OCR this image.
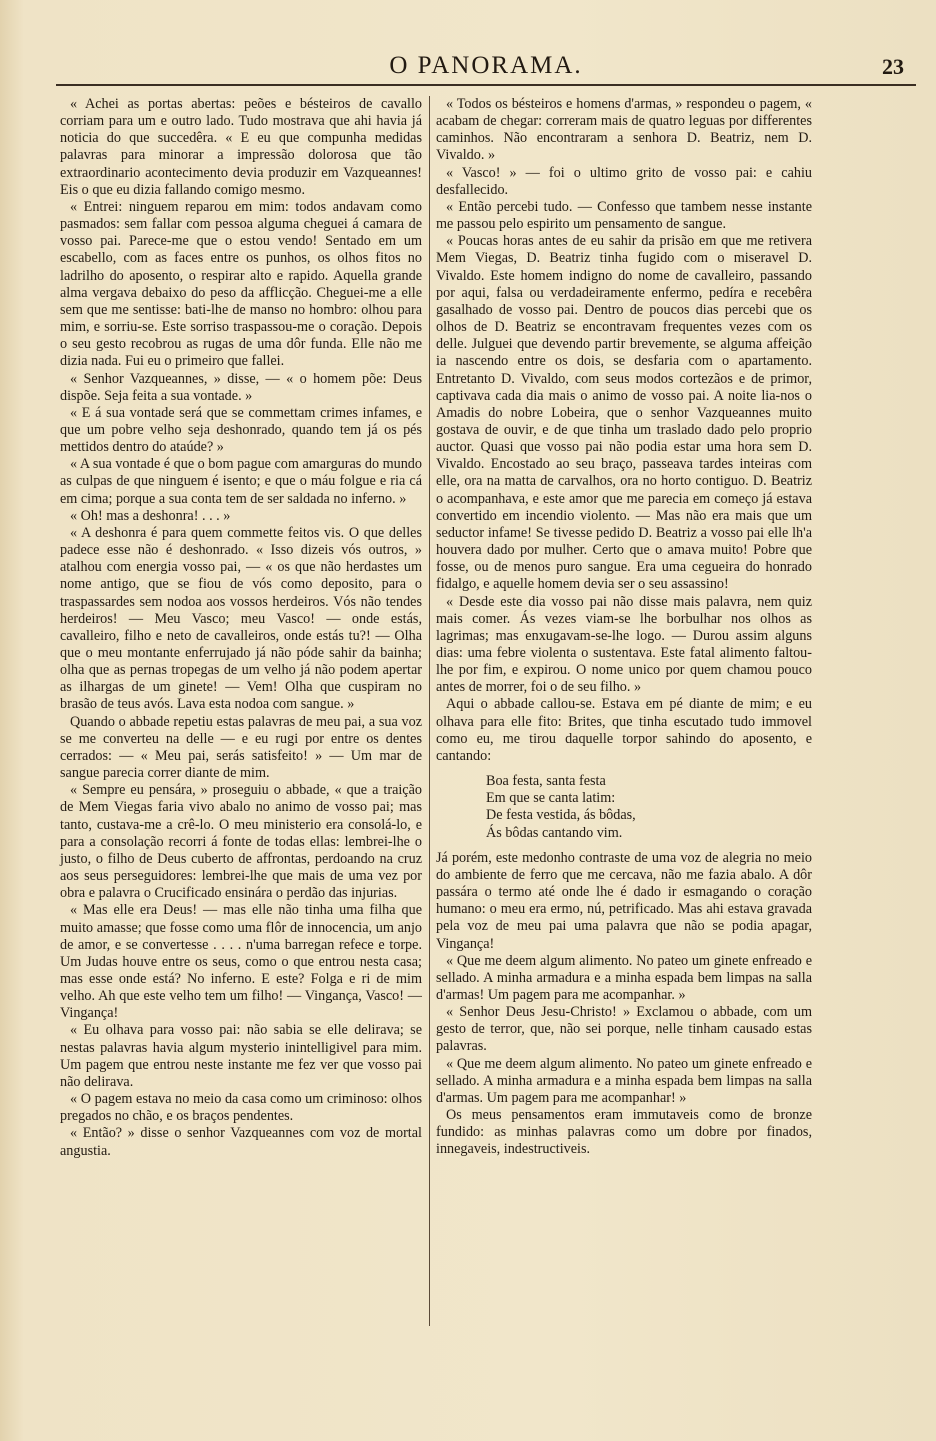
O PANORAMA.	23

« Achei as portas abertas: peões e bésteiros de cavallo corriam para um e outro lado. Tudo mostrava que ahi havia já noticia do que succedêra. « E eu que compunha medidas palavras para minorar a impressão dolorosa que tão extraordinario acontecimento devia produzir em Vazqueannes! Eis o que eu dizia fallando comigo mesmo.

« Entrei: ninguem reparou em mim: todos andavam como pasmados: sem fallar com pessoa alguma cheguei á camara de vosso pai. Parece-me que o estou vendo! Sentado em um escabello, com as faces entre os punhos, os olhos fitos no ladrilho do aposento, o respirar alto e rapido. Aquella grande alma vergava debaixo do peso da afflicção. Cheguei-me a elle sem que me sentisse: bati-lhe de manso no hombro: olhou para mim, e sorriu-se. Este sorriso traspassou-me o coração. Depois o seu gesto recobrou as rugas de uma dôr funda. Elle não me dizia nada. Fui eu o primeiro que fallei.

« Senhor Vazqueannes, » disse, — « o homem põe: Deus dispõe. Seja feita a sua vontade. »

« E á sua vontade será que se commettam crimes infames, e que um pobre velho seja deshonrado, quando tem já os pés mettidos dentro do ataúde? »

« A sua vontade é que o bom pague com amarguras do mundo as culpas de que ninguem é isento; e que o máu folgue e ria cá em cima; porque a sua conta tem de ser saldada no inferno. »

« Oh! mas a deshonra! . . . »

« A deshonra é para quem commette feitos vis. O que delles padece esse não é deshonrado. « Isso dizeis vós outros, » atalhou com energia vosso pai, — « os que não herdastes um nome antigo, que se fiou de vós como deposito, para o traspassardes sem nodoa aos vossos herdeiros. Vós não tendes herdeiros! — Meu Vasco; meu Vasco! — onde estás, cavalleiro, filho e neto de cavalleiros, onde estás tu?! — Olha que o meu montante enferrujado já não póde sahir da bainha; olha que as pernas tropegas de um velho já não podem apertar as ilhargas de um ginete! — Vem! Olha que cuspiram no brasão de teus avós. Lava esta nodoa com sangue. »

Quando o abbade repetiu estas palavras de meu pai, a sua voz se me converteu na delle — e eu rugi por entre os dentes cerrados: — « Meu pai, serás satisfeito! » — Um mar de sangue parecia correr diante de mim.

« Sempre eu pensára, » proseguiu o abbade, « que a traição de Mem Viegas faria vivo abalo no animo de vosso pai; mas tanto, custava-me a crê-lo. O meu ministerio era consolá-lo, e para a consolação recorri á fonte de todas ellas: lembrei-lhe o justo, o filho de Deus cuberto de affrontas, perdoando na cruz aos seus perseguidores: lembrei-lhe que mais de uma vez por obra e palavra o Crucificado ensinára o perdão das injurias.

« Mas elle era Deus! — mas elle não tinha uma filha que muito amasse; que fosse como uma flôr de innocencia, um anjo de amor, e se convertesse . . . . n'uma barregan refece e torpe. Um Judas houve entre os seus, como o que entrou nesta casa; mas esse onde está? No inferno. E este? Folga e ri de mim velho. Ah que este velho tem um filho! — Vingança, Vasco! — Vingança!

« Eu olhava para vosso pai: não sabia se elle delirava; se nestas palavras havia algum mysterio inintelligivel para mim. Um pagem que entrou neste instante me fez ver que vosso pai não delirava.

« O pagem estava no meio da casa como um criminoso: olhos pregados no chão, e os braços pendentes.

« Então? » disse o senhor Vazqueannes com voz de mortal angustia.

« Todos os bésteiros e homens d'armas, » respondeu o pagem, « acabam de chegar: correram mais de quatro leguas por differentes caminhos. Não encontraram a senhora D. Beatriz, nem D. Vivaldo. »

« Vasco! » — foi o ultimo grito de vosso pai: e cahiu desfallecido.

« Então percebi tudo. — Confesso que tambem nesse instante me passou pelo espirito um pensamento de sangue.

« Poucas horas antes de eu sahir da prisão em que me retivera Mem Viegas, D. Beatriz tinha fugido com o miseravel D. Vivaldo. Este homem indigno do nome de cavalleiro, passando por aqui, falsa ou verdadeiramente enfermo, pedíra e recebêra gasalhado de vosso pai. Dentro de poucos dias percebi que os olhos de D. Beatriz se encontravam frequentes vezes com os delle. Julguei que devendo partir brevemente, se alguma affeição ia nascendo entre os dois, se desfaria com o apartamento. Entretanto D. Vivaldo, com seus modos cortezãos e de primor, captivava cada dia mais o animo de vosso pai. A noite lia-nos o Amadis do nobre Lobeira, que o senhor Vazqueannes muito gostava de ouvir, e de que tinha um traslado dado pelo proprio auctor. Quasi que vosso pai não podia estar uma hora sem D. Vivaldo. Encostado ao seu braço, passeava tardes inteiras com elle, ora na matta de carvalhos, ora no horto contiguo. D. Beatriz o acompanhava, e este amor que me parecia em começo já estava convertido em incendio violento. — Mas não era mais que um seductor infame! Se tivesse pedido D. Beatriz a vosso pai elle lh'a houvera dado por mulher. Certo que o amava muito! Pobre que fosse, ou de menos puro sangue. Era uma cegueira do honrado fidalgo, e aquelle homem devia ser o seu assassino!

« Desde este dia vosso pai não disse mais palavra, nem quiz mais comer. Ás vezes viam-se lhe borbulhar nos olhos as lagrimas; mas enxugavam-se-lhe logo. — Durou assim alguns dias: uma febre violenta o sustentava. Este fatal alimento faltou-lhe por fim, e expirou. O nome unico por quem chamou pouco antes de morrer, foi o de seu filho. »

Aqui o abbade callou-se. Estava em pé diante de mim; e eu olhava para elle fito: Brites, que tinha escutado tudo immovel como eu, me tirou daquelle torpor sahindo do aposento, e cantando:

Boa festa, santa festa
Em que se canta latim:
De festa vestida, ás bôdas,
Ás bôdas cantando vim.

Já porém, este medonho contraste de uma voz de alegria no meio do ambiente de ferro que me cercava, não me fazia abalo. A dôr passára o termo até onde lhe é dado ir esmagando o coração humano: o meu era ermo, nú, petrificado. Mas ahi estava gravada pela voz de meu pai uma palavra que não se podia apagar, Vingança!

« Que me deem algum alimento. No pateo um ginete enfreado e sellado. A minha armadura e a minha espada bem limpas na salla d'armas! Um pagem para me acompanhar. »

« Senhor Deus Jesu-Christo! » Exclamou o abbade, com um gesto de terror, que, não sei porque, nelle tinham causado estas palavras.

« Que me deem algum alimento. No pateo um ginete enfreado e sellado. A minha armadura e a minha espada bem limpas na salla d'armas. Um pagem para me acompanhar! »

Os meus pensamentos eram immutaveis como de bronze fundido: as minhas palavras como um dobre por finados, innegaveis, indestructiveis.
